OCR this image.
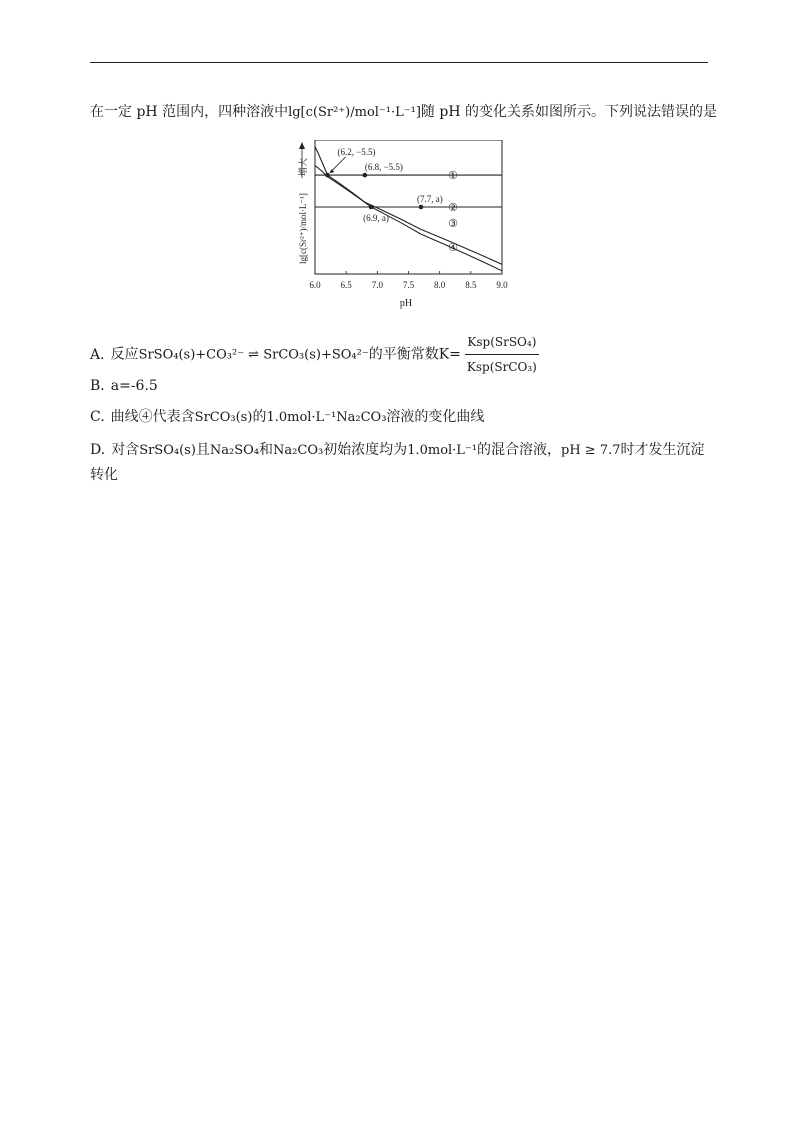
在一定 pH 范围内，四种溶液中lg[c(Sr²⁺)/mol⁻¹·L⁻¹]随 pH 的变化关系如图所示。下列说法错误的是
lg[c(Sr²⁺)/mol·L⁻¹]
增大
pH
6.0 6.5 7.0 7.5 8.0 8.5 9.0
①
②
③
④
(6.2, −5.5)
(6.8, −5.5)
(7.7, a)
(6.9, a)
A. 反应SrSO₄(s)+CO₃²⁻ ⇌ SrCO₃(s)+SO₄²⁻的平衡常数$K= \frac{\text{Ksp(SrSO₄)}}{\text{Ksp(SrCO₃)}}$
B. a=-6.5
C. 曲线④代表含SrCO₃(s)的1.0mol·L⁻¹Na₂CO₃溶液的变化曲线
D. 对含SrSO₄(s)且Na₂SO₄和Na₂CO₃初始浓度均为1.0mol·L⁻¹的混合溶液，pH ≥ 7.7时才发生沉淀
转化
